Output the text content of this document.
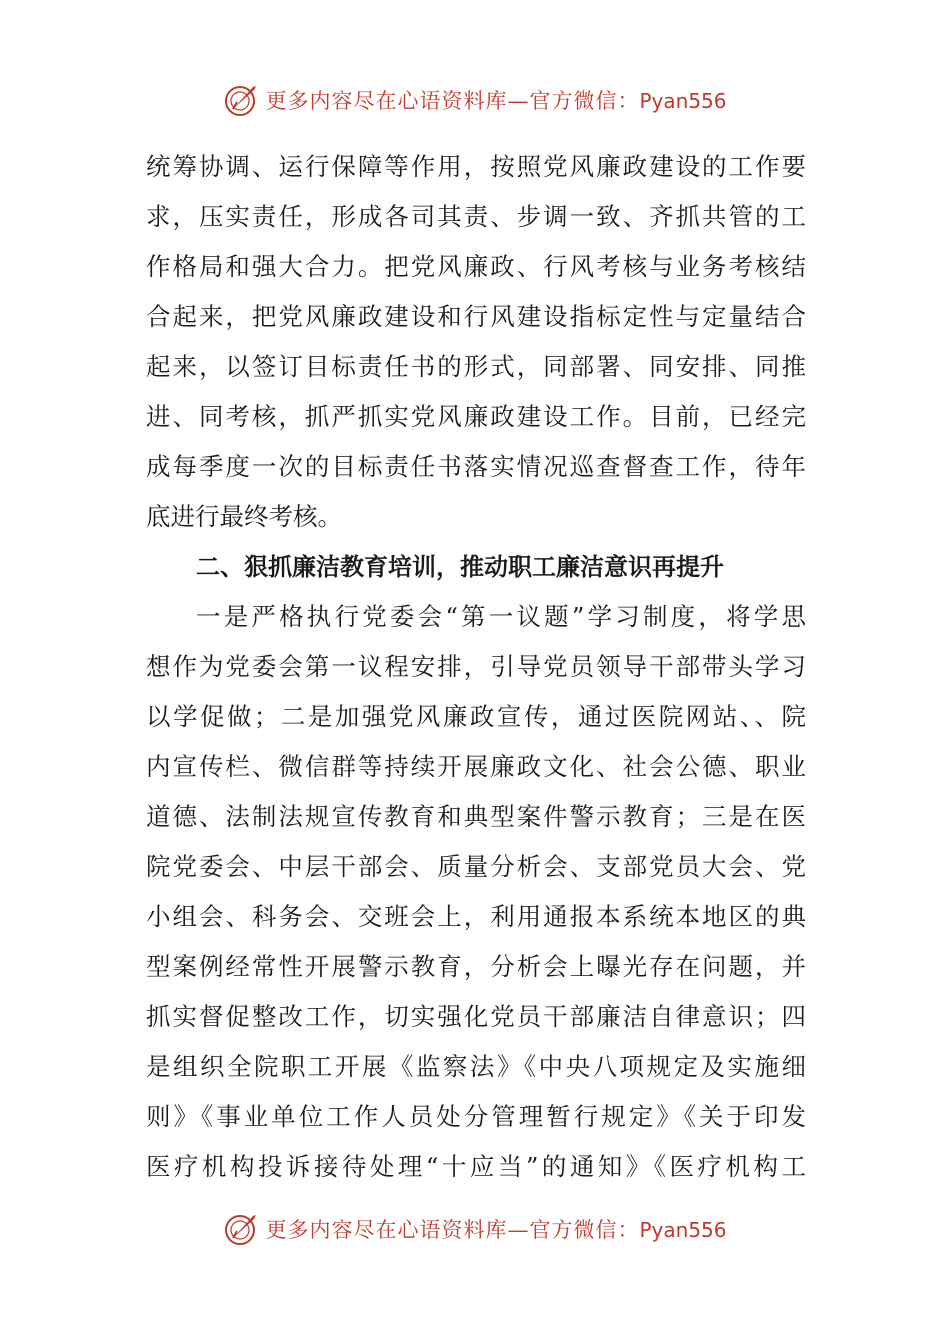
更多内容尽在心语资料库—官方微信：Pyan556
统筹协调、运行保障等作用，按照党风廉政建设的工作要
求，压实责任，形成各司其责、步调一致、齐抓共管的工
作格局和强大合力。把党风廉政、行风考核与业务考核结
合起来，把党风廉政建设和行风建设指标定性与定量结合
起来，以签订目标责任书的形式，同部署、同安排、同推
进、同考核，抓严抓实党风廉政建设工作。目前，已经完
成每季度一次的目标责任书落实情况巡查督查工作，待年
底进行最终考核。
二、狠抓廉洁教育培训，推动职工廉洁意识再提升
一是严格执行党委会“第一议题”学习制度，将学思
想作为党委会第一议程安排，引导党员领导干部带头学习
以学促做；二是加强党风廉政宣传，通过医院网站、、院
内宣传栏、微信群等持续开展廉政文化、社会公德、职业
道德、法制法规宣传教育和典型案件警示教育；三是在医
院党委会、中层干部会、质量分析会、支部党员大会、党
小组会、科务会、交班会上，利用通报本系统本地区的典
型案例经常性开展警示教育，分析会上曝光存在问题，并
抓实督促整改工作，切实强化党员干部廉洁自律意识；四
是组织全院职工开展《监察法》《中央八项规定及实施细
则》《事业单位工作人员处分管理暂行规定》《关于印发
医疗机构投诉接待处理“十应当”的通知》《医疗机构工
更多内容尽在心语资料库—官方微信：Pyan556
